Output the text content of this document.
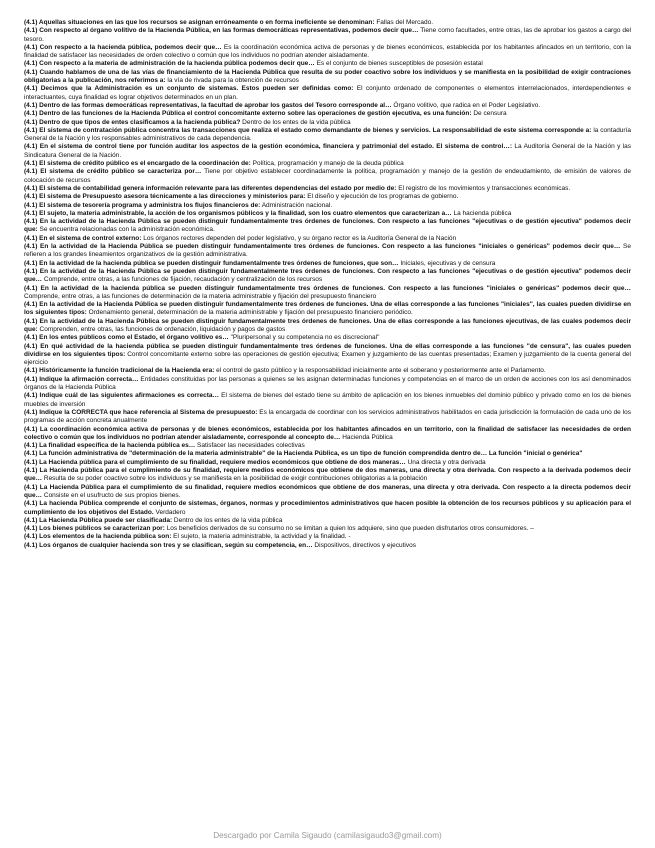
(4.1) Aquellas situaciones en las que los recursos se asignan erróneamente o en forma ineficiente se denominan: Fallas del Mercado.

(4.1) Con respecto al órgano volitivo de la Hacienda Pública, en las formas democráticas representativas, podemos decir que… Tiene como facultades, entre otras, las de aprobar los gastos a cargo del tesoro.

(4.1) Con respecto a la hacienda pública, podemos decir que… Es la coordinación económica activa de personas y de bienes económicos, establecida por los habitantes afincados en un territorio, con la finalidad de satisfacer las necesidades de orden colectivo o común que los individuos no podrían atender aisladamente.

(4.1) Con respecto a la materia de administración de la hacienda pública podemos decir que… Es el conjunto de bienes susceptibles de posesión estatal

(4.1) Cuando hablamos de una de las vías de financiamiento de la Hacienda Pública que resulta de su poder coactivo sobre los individuos y se manifiesta en la posibilidad de exigir contraciones obligatorias a la publicación, nos referimos a: la vía de rivada para la obtención de recursos

(4.1) Decimos que la Administración es un conjunto de sistemas. Estos pueden ser definidas como: El conjunto ordenado de componentes o elementos interrelacionados, interdependientes e interactuantes, cuya finalidad es lograr objetivos determinados en un plan.

(4.1) Dentro de las formas democráticas representativas, la facultad de aprobar los gastos del Tesoro corresponde al… Órgano volitivo, que radica en el Poder Legislativo.

(4.1) Dentro de las funciones de la Hacienda Pública el control concomitante externo sobre las operaciones de gestión ejecutiva, es una función: De censura

(4.1) Dentro de que tipos de entes clasificamos a la hacienda pública? Dentro de los entes de la vida pública

(4.1) El sistema de contratación pública concentra las transacciones que realiza el estado como demandante de bienes y servicios. La responsabilidad de este sistema corresponde a: la contaduría General de la Nación y los responsables administrativos de cada dependencia.

(4.1) En el sistema de control tiene por función auditar los aspectos de la gestión económica, financiera y patrimonial del estado. El sistema de control…: La Auditoría General de la Nación y las Sindicatura General de la Nación.

(4.1) El sistema de crédito público es el encargado de la coordinación de: Política, programación y manejo de la deuda pública

(4.1) El sistema de crédito público se caracteriza por… Tiene por objetivo establecer coordinadamente la política, programación y manejo de la gestión de endeudamiento, de emisión de valores de colocación de recursos

(4.1) El sistema de contabilidad genera información relevante para las diferentes dependencias del estado por medio de: El registro de los movimientos y transacciones económicas.

(4.1) El sistema de Presupuesto asesora técnicamente a las direcciones y ministerios para: El diseño y ejecución de los programas de gobierno.

(4.1) El sistema de tesorería programa y administra los flujos financieros de: Administración nacional.

(4.1) El sujeto, la materia administrable, la acción de los organismos públicos y la finalidad, son los cuatro elementos que caracterizan a… La hacienda pública

(4.1) En la actividad de la Hacienda Pública se pueden distinguir fundamentalmente tres órdenes de funciones. Con respecto a las funciones "ejecutivas o de gestión ejecutiva" podemos decir que: Se encuentra relacionadas con la administración económica.

(4.1) En el sistema de control externo: Los órganos rectores dependen del poder legislativo, y su órgano rector es la Auditoría General de la Nación

(4.1) En la actividad de la Hacienda Pública se pueden distinguir fundamentalmente tres órdenes de funciones. Con respecto a las funciones "iniciales o genéricas" podemos decir que… Se refieren a los grandes lineamientos organizativos de la gestión administrativa.

(4.1) En la actividad de la hacienda pública se pueden distinguir fundamentalmente tres órdenes de funciones, que son… Iniciales, ejecutivas y de censura

(4.1) En la actividad de la Hacienda Pública se pueden distinguir fundamentalmente tres órdenes de funciones. Con respecto a las funciones "ejecutivas o de gestión ejecutiva" podemos decir que… Comprende, entre otras, a las funciones de fijación, recaudación y centralización de los recursos

(4.1) En la actividad de la hacienda pública se pueden distinguir fundamentalmente tres órdenes de funciones. Con respecto a las funciones "iniciales o genéricas" podemos decir que… Comprende, entre otras, a las funciones de determinación de la materia administrable y fijación del presupuesto financiero

(4.1) En la actividad de la Hacienda Pública se pueden distinguir fundamentalmente tres órdenes de funciones. Una de ellas corresponde a las funciones "iniciales", las cuales pueden dividirse en los siguientes tipos: Ordenamiento general, determinación de la materia administrable y fijación del presupuesto financiero periódico.

(4.1) En la actividad de la Hacienda Pública se pueden distinguir fundamentalmente tres órdenes de funciones. Una de ellas corresponde a las funciones ejecutivas, de las cuales podemos decir que: Comprenden, entre otras, las funciones de ordenación, liquidación y pagos de gastos

(4.1) En los entes públicos como el Estado, el órgano volitivo es… "Pluripersonal y su competencia no es discrecional"

(4.1) En qué actividad de la hacienda pública se pueden distinguir fundamentalmente tres órdenes de funciones. Una de ellas corresponde a las funciones "de censura", las cuales pueden dividirse en los siguientes tipos: Control concomitante externo sobre las operaciones de gestión ejecutiva; Examen y juzgamiento de las cuentas presentadas; Examen y juzgamiento de la cuenta general del ejercicio

(4.1) Históricamente la función tradicional de la Hacienda era: el control de gasto público y la responsabilidad inicialmente ante el soberano y posteriormente ante el Parlamento.

(4.1) Indique la afirmación correcta… Entidades constituidas por las personas a quienes se les asignan determinadas funciones y competencias en el marco de un orden de acciones con los así denominados órganos de la Hacienda Pública

(4.1) Indique cuál de las siguientes afirmaciones es correcta… El sistema de bienes del estado tiene su ámbito de aplicación en los bienes inmuebles del dominio público y privado como en los de bienes muebles de inversión

(4.1) Indique la CORRECTA que hace referencia al Sistema de presupuesto: Es la encargada de coordinar con los servicios administrativos habilitados en cada jurisdicción la formulación de cada uno de los programas de acción concreta anualmente

(4.1) La coordinación económica activa de personas y de bienes económicos, establecida por los habitantes afincados en un territorio, con la finalidad de satisfacer las necesidades de orden colectivo o común que los individuos no podrían atender aisladamente, corresponde al concepto de… Hacienda Pública

(4.1) La finalidad específica de la hacienda pública es… Satisfacer las necesidades colectivas

(4.1) La función administrativa de "determinación de la materia administrable" de la Hacienda Pública, es un tipo de función comprendida dentro de… La función "inicial o genérica"

(4.1) La Hacienda pública para el cumplimiento de su finalidad, requiere medios económicos que obtiene de dos maneras… Una directa y otra derivada

(4.1) La Hacienda pública para el cumplimiento de su finalidad, requiere medios económicos que obtiene de dos maneras, una directa y otra derivada. Con respecto a la derivada podemos decir que… Resulta de su poder coactivo sobre los individuos y se manifiesta en la posibilidad de exigir contribuciones obligatorias a la población

(4.1) La Hacienda Pública para el cumplimiento de su finalidad, requiere medios económicos que obtiene de dos maneras, una directa y otra derivada. Con respecto a la directa podemos decir que… Consiste en el usufructo de sus propios bienes.

(4.1) La hacienda Pública comprende el conjunto de sistemas, órganos, normas y procedimientos administrativos que hacen posible la obtención de los recursos públicos y su aplicación para el cumplimiento de los objetivos del Estado. Verdadero

(4.1) La Hacienda Pública puede ser clasificada: Dentro de los entes de la vida pública

(4.1) Los bienes públicos se caracterizan por: Los beneficios derivados de su consumo no se limitan a quien los adquiere, sino que pueden disfrutarlos otros consumidores. –

(4.1) Los elementos de la hacienda pública son: El sujeto, la materia administrable, la actividad y la finalidad. -

(4.1) Los órganos de cualquier hacienda son tres y se clasifican, según su competencia, en… Dispositivos, directivos y ejecutivos

Descargado por Camila Sigaudo (camilasigaudo3@gmail.com)
